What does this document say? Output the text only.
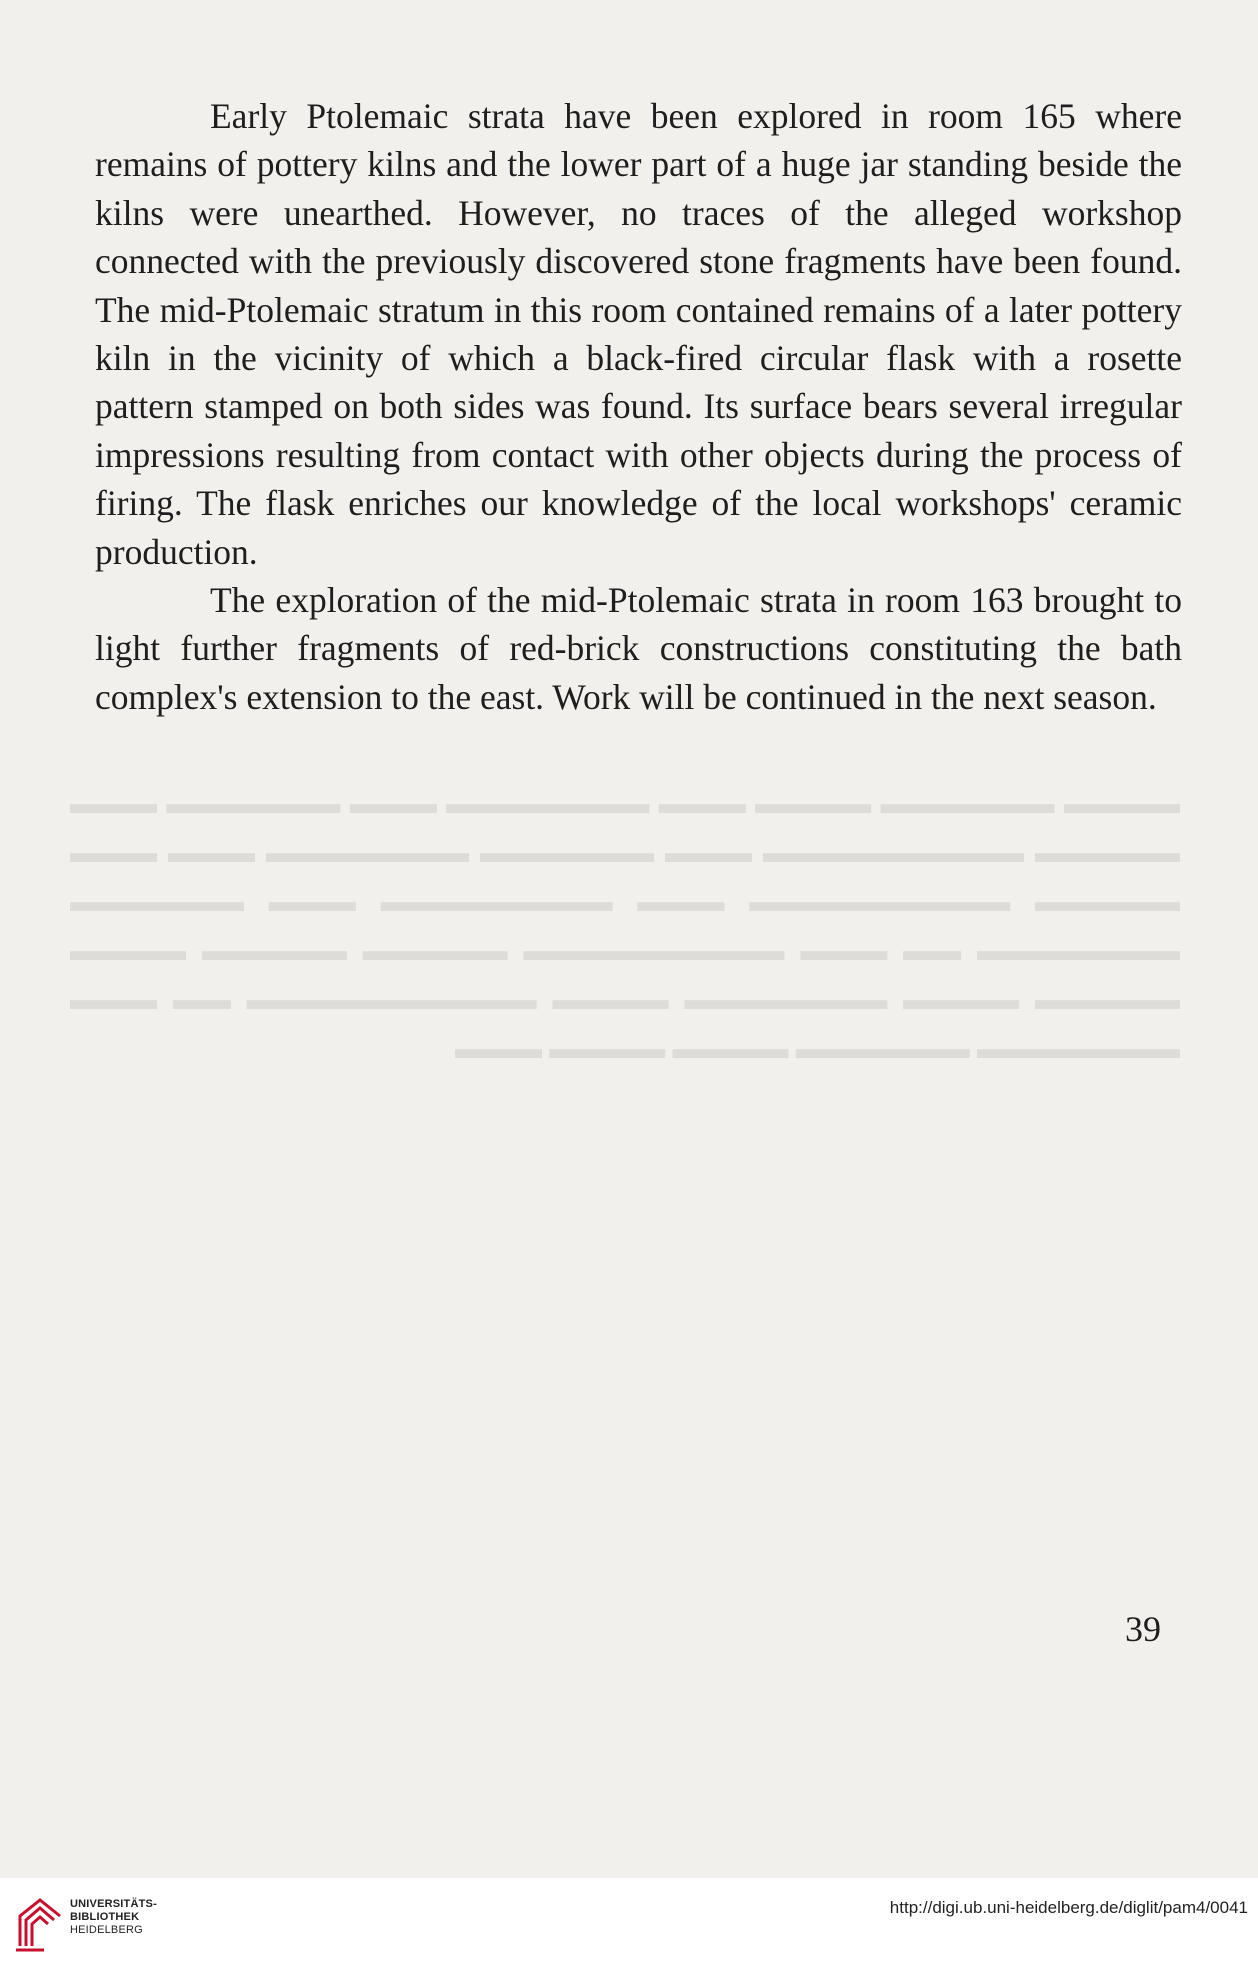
▬▬▬▬ ▬▬▬▬▬▬ ▬▬▬▬ ▬▬▬ ▬▬▬▬▬▬▬ ▬▬▬ ▬▬▬▬▬▬ ▬▬▬ ▬▬▬▬▬ ▬▬▬▬▬▬▬▬▬ ▬▬▬ ▬▬▬▬▬▬ ▬▬▬▬▬▬▬ ▬▬▬ ▬▬▬ ▬▬▬▬▬ ▬▬▬▬▬▬▬▬▬ ▬▬▬ ▬▬▬▬▬▬▬▬ ▬▬▬ ▬▬▬▬▬▬ ▬▬▬▬▬▬▬ ▬▬ ▬▬▬ ▬▬▬▬▬▬▬▬▬ ▬▬▬▬▬ ▬▬▬▬▬ ▬▬▬▬ ▬▬▬▬▬ ▬▬▬▬ ▬▬▬▬▬▬▬ ▬▬▬▬ ▬▬▬▬▬▬▬▬▬▬ ▬▬ ▬▬▬ ▬▬▬▬▬▬▬ ▬▬▬▬▬▬ ▬▬▬▬ ▬▬▬▬ ▬▬▬

Early Ptolemaic strata have been explored in room 165 where remains of pottery kilns and the lower part of a huge jar standing beside the kilns were unearthed. However, no traces of the alleged workshop connected with the previously discovered stone fragments have been found. The mid-Ptolemaic stratum in this room contained remains of a later pottery kiln in the vicinity of which a black-fired circular flask with a rosette pattern stamped on both sides was found. Its surface bears several irregular impressions resulting from contact with other objects during the process of firing. The flask enriches our knowledge of the local workshops' ceramic production.

The exploration of the mid-Ptolemaic strata in room 163 brought to light further fragments of red-brick constructions constituting the bath complex's extension to the east. Work will be continued in the next season.

39
UNIVERSITÄTS-
BIBLIOTHEK
HEIDELBERG
http://digi.ub.uni-heidelberg.de/diglit/pam4/0041
